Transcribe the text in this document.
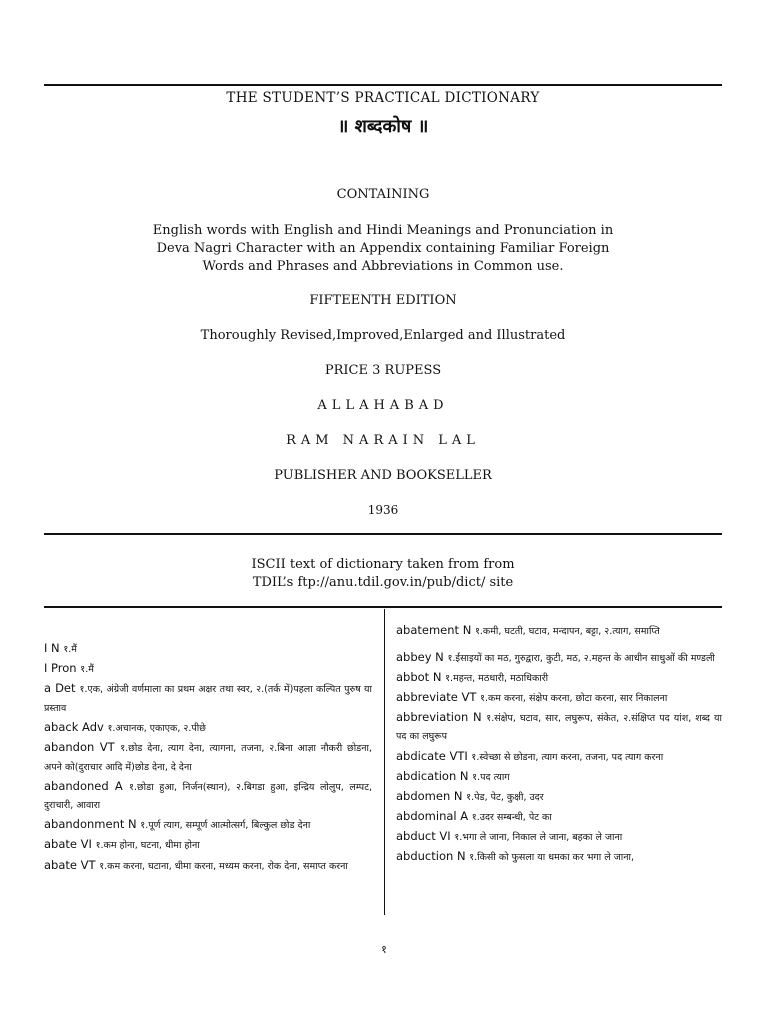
THE STUDENT’S PRACTICAL DICTIONARY
॥ शब्दकोष ॥
CONTAINING
English words with English and Hindi Meanings and Pronunciation in
Deva Nagri Character with an Appendix containing Familiar Foreign
Words and Phrases and Abbreviations in Common use.
FIFTEENTH EDITION
Thoroughly Revised,Improved,Enlarged and Illustrated
PRICE 3 RUPESS
ALLAHABAD
RAM NARAIN LAL
PUBLISHER AND BOOKSELLER
1936
ISCII text of dictionary taken from from
TDIL’s ftp://anu.tdil.gov.in/pub/dict/ site
I N १.मैं
I Pron १.मैं
a Det १.एक, अंग्रेजी वर्णमाला का प्रथम अक्षर तथा स्वर, २.(तर्क में)पहला कल्पित पुरुष या प्रस्ताव
aback Adv १.अचानक, एकाएक, २.पीछे
abandon VT १.छोड देना, त्याग देना, त्यागना, तजना, २.बिना आज्ञा नौकरी छोडना, अपने को(दुराचार आदि में)छोड देना, दे देना
abandoned A १.छोडा हुआ, निर्जन(स्थान), २.बिगडा हुआ, इन्द्रिय लोलुप, लम्पट, दुराचारी, आवारा
abandonment N १.पूर्ण त्याग, सम्पूर्ण आत्मोत्सर्ग, बिल्कुल छोड देना
abate VI १.कम होना, घटना, धीमा होना
abate VT १.कम करना, घटाना, धीमा करना, मध्यम करना, रोक देना, समाप्त करना
abatement N १.कमी, घटती, घटाव, मन्दापन, बट्टा, २.त्याग, समाप्ति
abbey N १.ईसाइयों का मठ, गुरुद्वारा, कुटी, मठ, २.महन्त के आधीन साधुओं की मण्डली
abbot N १.महन्त, मठधारी, मठाधिकारी
abbreviate VT १.कम करना, संक्षेप करना, छोटा करना, सार निकालना
abbreviation N १.संक्षेप, घटाव, सार, लघुरूप, संकेत, २.संक्षिप्त पद यांश, शब्द या पद का लघुरूप
abdicate VTI १.स्वेच्छा से छोडना, त्याग करना, तजना, पद त्याग करना
abdication N १.पद त्याग
abdomen N १.पेड, पेट, कुक्षी, उदर
abdominal A १.उदर सम्बन्धी, पेट का
abduct VI १.भगा ले जाना, निकाल ले जाना, बहका ले जाना
abduction N १.किसी को फुसला या धमका कर भगा ले जाना,
१
